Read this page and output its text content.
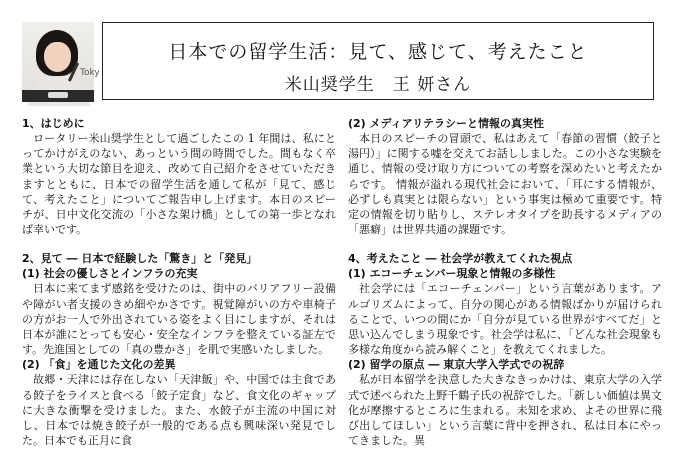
Toky
日本での留学生活：見て、感じて、考えたこと
米山奨学生　王 妍さん
1、はじめに

ロータリー米山奨学生として過ごしたこの 1 年間は、私にとってかけがえのない、あっという間の時間でした。間もなく卒業という大切な節目を迎え、改めて自己紹介をさせていただきますとともに、日本での留学生活を通して私が「見て、感じて、考えたこと」についてご報告申し上げます。本日のスピーチが、日中文化交流の「小さな架け橋」としての第一歩となれば幸いです。

2、見て ― 日本で経験した「驚き」と「発見」
(1) 社会の優しさとインフラの充実

日本に来てまず感銘を受けたのは、街中のバリアフリー設備や障がい者支援のきめ細やかさです。視覚障がいの方や車椅子の方がお一人で外出されている姿をよく目にしますが、それは日本が誰にとっても安心・安全なインフラを整えている証左です。先進国としての「真の豊かさ」を肌で実感いたしました。

(2) 「食」を通じた文化の差異

故郷・天津には存在しない「天津飯」や、中国では主食である餃子をライスと食べる「餃子定食」など、食文化のギャップに大きな衝撃を受けました。また、水餃子が主流の中国に対し、日本では焼き餃子が一般的である点も興味深い発見でした。日本でも正月に食

(2) メディアリテラシーと情報の真実性

本日のスピーチの冒頭で、私はあえて「春節の習慣（餃子と湯円）」に関する嘘を交えてお話ししました。この小さな実験を通じ、情報の受け取り方についての考察を深めたいと考えたからです。 情報が溢れる現代社会において、「耳にする情報が、必ずしも真実とは限らない」という事実は極めて重要です。特定の情報を切り貼りし、ステレオタイプを助長するメディアの「悪癖」は世界共通の課題です。

4、考えたこと ― 社会学が教えてくれた視点
(1) エコーチェンバー現象と情報の多様性

社会学には「エコーチェンバー」という言葉があります。アルゴリズムによって、自分の関心がある情報ばかりが届けられることで、いつの間にか「自分が見ている世界がすべてだ」と思い込んでしまう現象です。社会学は私に、「どんな社会現象も多様な角度から読み解くこと」を教えてくれました。

(2) 留学の原点 ― 東京大学入学式での祝辞

私が日本留学を決意した大きなきっかけは、東京大学の入学式で述べられた上野千鶴子氏の祝辞でした。「新しい価値は異文化が摩擦するところに生まれる。未知を求め、よその世界に飛び出してほしい」という言葉に背中を押され、私は日本にやってきました。異
